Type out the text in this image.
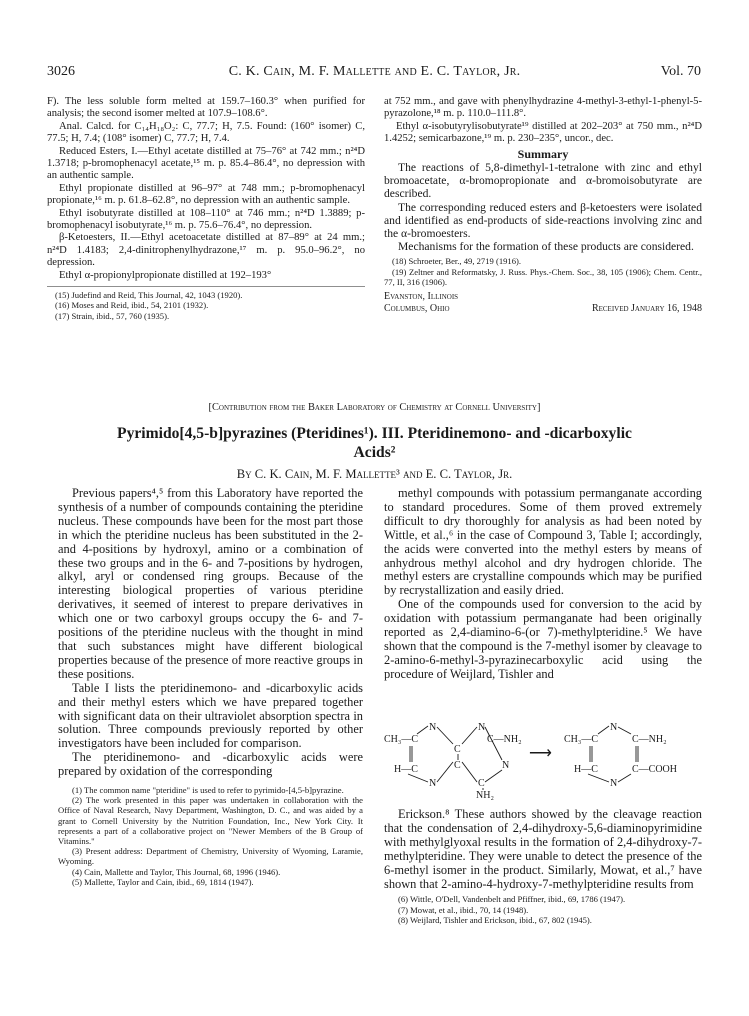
3026	C. K. Cain, M. F. Mallette and E. C. Taylor, Jr.	Vol. 70

F). The less soluble form melted at 159.7–160.3° when purified for analysis; the second isomer melted at 107.9–108.6°.

Anal. Calcd. for C₁₄H₁₈O₂: C, 77.7; H, 7.5. Found: (160° isomer) C, 77.5; H, 7.4; (108° isomer) C, 77.7; H, 7.4.

Reduced Esters, I.—Ethyl acetate distilled at 75–76° at 742 mm.; n²⁴D 1.3718; p-bromophenacyl acetate,¹⁵ m. p. 85.4–86.4°, no depression with an authentic sample.

Ethyl propionate distilled at 96–97° at 748 mm.; p-bromophenacyl propionate,¹⁶ m. p. 61.8–62.8°, no depression with an authentic sample.

Ethyl isobutyrate distilled at 108–110° at 746 mm.; n²⁴D 1.3889; p-bromophenacyl isobutyrate,¹⁶ m. p. 75.6–76.4°, no depression.

β-Ketoesters, II.—Ethyl acetoacetate distilled at 87–89° at 24 mm.; n²⁴D 1.4183; 2,4-dinitrophenylhydrazone,¹⁷ m. p. 95.0–96.2°, no depression.

Ethyl α-propionylpropionate distilled at 192–193°

(15) Judefind and Reid, This Journal, 42, 1043 (1920).

(16) Moses and Reid, ibid., 54, 2101 (1932).

(17) Strain, ibid., 57, 760 (1935).

at 752 mm., and gave with phenylhydrazine 4-methyl-3-ethyl-1-phenyl-5-pyrazolone,¹⁸ m. p. 110.0–111.8°.

Ethyl α-isobutyrylisobutyrate¹⁹ distilled at 202–203° at 750 mm., n²⁴D 1.4252; semicarbazone,¹⁹ m. p. 230–235°, uncor., dec.

Summary

The reactions of 5,8-dimethyl-1-tetralone with zinc and ethyl bromoacetate, α-bromopropionate and α-bromoisobutyrate are described.

The corresponding reduced esters and β-ketoesters were isolated and identified as end-products of side-reactions involving zinc and the α-bromoesters.

Mechanisms for the formation of these products are considered.

(18) Schroeter, Ber., 49, 2719 (1916).

(19) Zeltner and Reformatsky, J. Russ. Phys.-Chem. Soc., 38, 105 (1906); Chem. Centr., 77, II, 316 (1906).

Evanston, Illinois
Columbus, Ohio	Received January 16, 1948
[Contribution from the Baker Laboratory of Chemistry at Cornell University]
Pyrimido[4,5-b]pyrazines (Pteridines¹). III. Pteridinemono- and -dicarboxylic
Acids²
By C. K. Cain, M. F. Mallette³ and E. C. Taylor, Jr.

Previous papers⁴,⁵ from this Laboratory have reported the synthesis of a number of compounds containing the pteridine nucleus. These compounds have been for the most part those in which the pteridine nucleus has been substituted in the 2- and 4-positions by hydroxyl, amino or a combination of these two groups and in the 6- and 7-positions by hydrogen, alkyl, aryl or condensed ring groups. Because of the interesting biological properties of various pteridine derivatives, it seemed of interest to prepare derivatives in which one or two carboxyl groups occupy the 6- and 7-positions of the pteridine nucleus with the thought in mind that such substances might have different biological properties because of the presence of more reactive groups in these positions.

Table I lists the pteridinemono- and -dicarboxylic acids and their methyl esters which we have prepared together with significant data on their ultraviolet absorption spectra in solution. Three compounds previously reported by other investigators have been included for comparison.

The pteridinemono- and -dicarboxylic acids were prepared by oxidation of the corresponding

(1) The common name "pteridine" is used to refer to pyrimido-[4,5-b]pyrazine.

(2) The work presented in this paper was undertaken in collaboration with the Office of Naval Research, Navy Department, Washington, D. C., and was aided by a grant to Cornell University by the Nutrition Foundation, Inc., New York City. It represents a part of a collaborative project on "Newer Members of the B Group of Vitamins."

(3) Present address: Department of Chemistry, University of Wyoming, Laramie, Wyoming.

(4) Cain, Mallette and Taylor, This Journal, 68, 1996 (1946).

(5) Mallette, Taylor and Cain, ibid., 69, 1814 (1947).

methyl compounds with potassium permanganate according to standard procedures. Some of them proved extremely difficult to dry thoroughly for analysis as had been noted by Wittle, et al.,⁶ in the case of Compound 3, Table I; accordingly, the acids were converted into the methyl esters by means of anhydrous methyl alcohol and dry hydrogen chloride. The methyl esters are crystalline compounds which may be purified by recrystallization and easily dried.

One of the compounds used for conversion to the acid by oxidation with potassium permanganate had been originally reported as 2,4-diamino-6-(or 7)-methylpteridine.⁵ We have shown that the compound is the 7-methyl isomer by cleavage to 2-amino-6-methyl-3-pyrazinecarboxylic acid using the procedure of Weijlard, Tishler and

CH₃—C
H—C
N
N
C
C
N
C
C—NH₂
N
NH₂
⟶
CH₃—C
H—C
N
N
C—NH₂
C—COOH

Erickson.⁸ These authors showed by the cleavage reaction that the condensation of 2,4-dihydroxy-5,6-diaminopyrimidine with methylglyoxal results in the formation of 2,4-dihydroxy-7-methylpteridine. They were unable to detect the presence of the 6-methyl isomer in the product. Similarly, Mowat, et al.,⁷ have shown that 2-amino-4-hydroxy-7-methylpteridine results from

(6) Wittle, O'Dell, Vandenbelt and Pfiffner, ibid., 69, 1786 (1947).

(7) Mowat, et al., ibid., 70, 14 (1948).

(8) Weijlard, Tishler and Erickson, ibid., 67, 802 (1945).
